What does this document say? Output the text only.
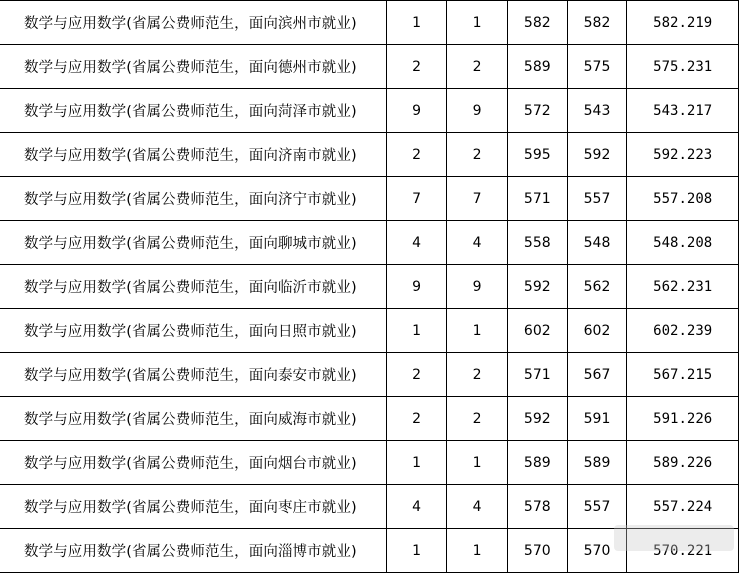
数学与应用数学(省属公费师范生，面向滨州市就业)	1	1	582	582	582.219
数学与应用数学(省属公费师范生，面向德州市就业)	2	2	589	575	575.231
数学与应用数学(省属公费师范生，面向菏泽市就业)	9	9	572	543	543.217
数学与应用数学(省属公费师范生，面向济南市就业)	2	2	595	592	592.223
数学与应用数学(省属公费师范生，面向济宁市就业)	7	7	571	557	557.208
数学与应用数学(省属公费师范生，面向聊城市就业)	4	4	558	548	548.208
数学与应用数学(省属公费师范生，面向临沂市就业)	9	9	592	562	562.231
数学与应用数学(省属公费师范生，面向日照市就业)	1	1	602	602	602.239
数学与应用数学(省属公费师范生，面向泰安市就业)	2	2	571	567	567.215
数学与应用数学(省属公费师范生，面向威海市就业)	2	2	592	591	591.226
数学与应用数学(省属公费师范生，面向烟台市就业)	1	1	589	589	589.226
数学与应用数学(省属公费师范生，面向枣庄市就业)	4	4	578	557	557.224
数学与应用数学(省属公费师范生，面向淄博市就业)	1	1	570	570	570.221
